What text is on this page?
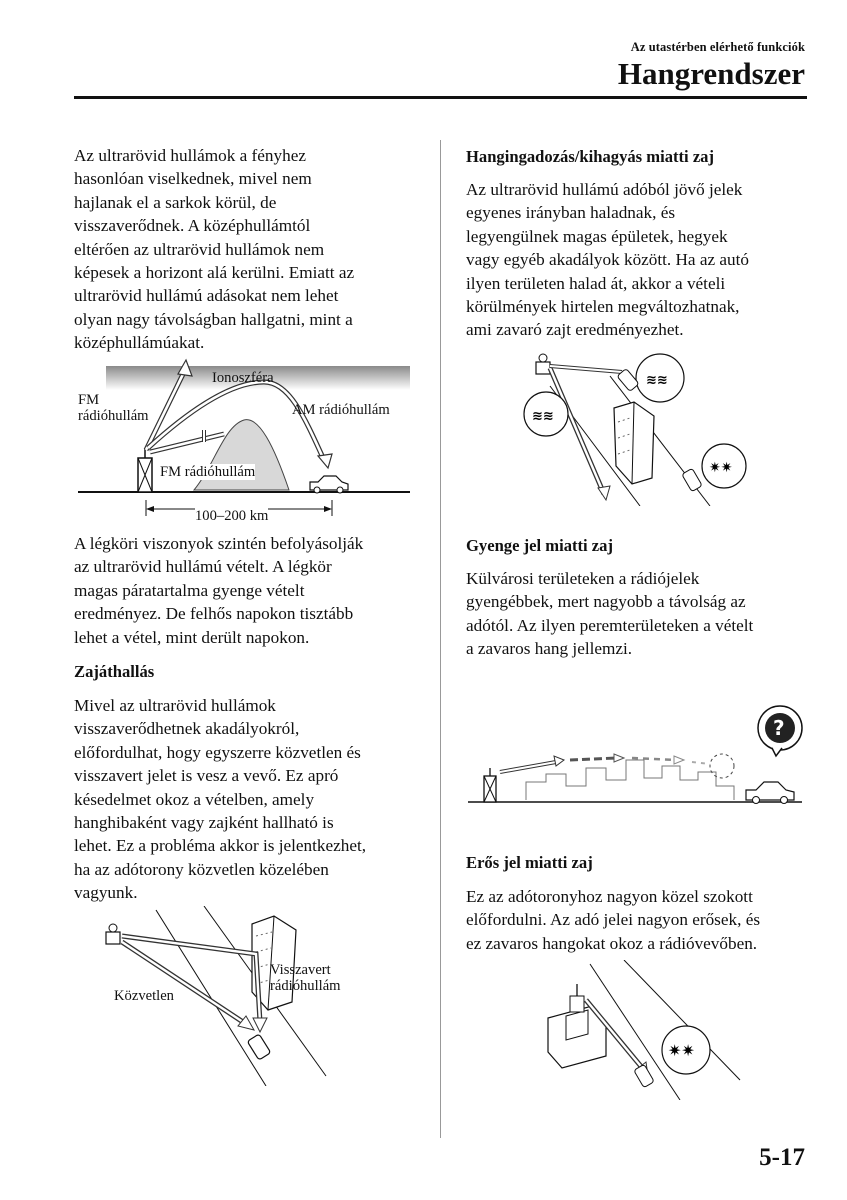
Az utastérben elérhető funkciók
Hangrendszer
Az ultrarövid hullámok a fényhez
hasonlóan viselkednek, mivel nem
hajlanak el a sarkok körül, de
visszaverődnek. A középhullámtól
eltérően az ultrarövid hullámok nem
képesek a horizont alá kerülni. Emiatt az
ultrarövid hullámú adásokat nem lehet
olyan nagy távolságban hallgatni, mint a
középhullámúakat.
Ionoszféra
FM
rádióhullám	AM rádióhullám
FM rádióhullám
100–200 km
A légköri viszonyok szintén befolyásolják
az ultrarövid hullámú vételt. A légkör
magas páratartalma gyenge vételt
eredményez. De felhős napokon tisztább
lehet a vétel, mint derült napokon.
Zajáthallás
Mivel az ultrarövid hullámok
visszaverődhetnek akadályokról,
előfordulhat, hogy egyszerre közvetlen és
visszavert jelet is vesz a vevő. Ez apró
késedelmet okoz a vételben, amely
hanghibaként vagy zajként hallható is
lehet. Ez a probléma akkor is jelentkezhet,
ha az adótorony közvetlen közelében
vagyunk.
Visszavert
rádióhullám
Közvetlen
Hangingadozás/kihagyás miatti zaj
Az ultrarövid hullámú adóból jövő jelek
egyenes irányban haladnak, és
legyengülnek magas épületek, hegyek
vagy egyéb akadályok között. Ha az autó
ilyen területen halad át, akkor a vételi
körülmények hirtelen megváltozhatnak,
ami zavaró zajt eredményezhet.
≋≋
≋≋
✷✷
Gyenge jel miatti zaj
Külvárosi területeken a rádiójelek
gyengébbek, mert nagyobb a távolság az
adótól. Az ilyen peremterületeken a vételt
a zavaros hang jellemzi.
?
Erős jel miatti zaj
Ez az adótoronyhoz nagyon közel szokott
előfordulni. Az adó jelei nagyon erősek, és
ez zavaros hangokat okoz a rádióvevőben.
✷✷
5-17
